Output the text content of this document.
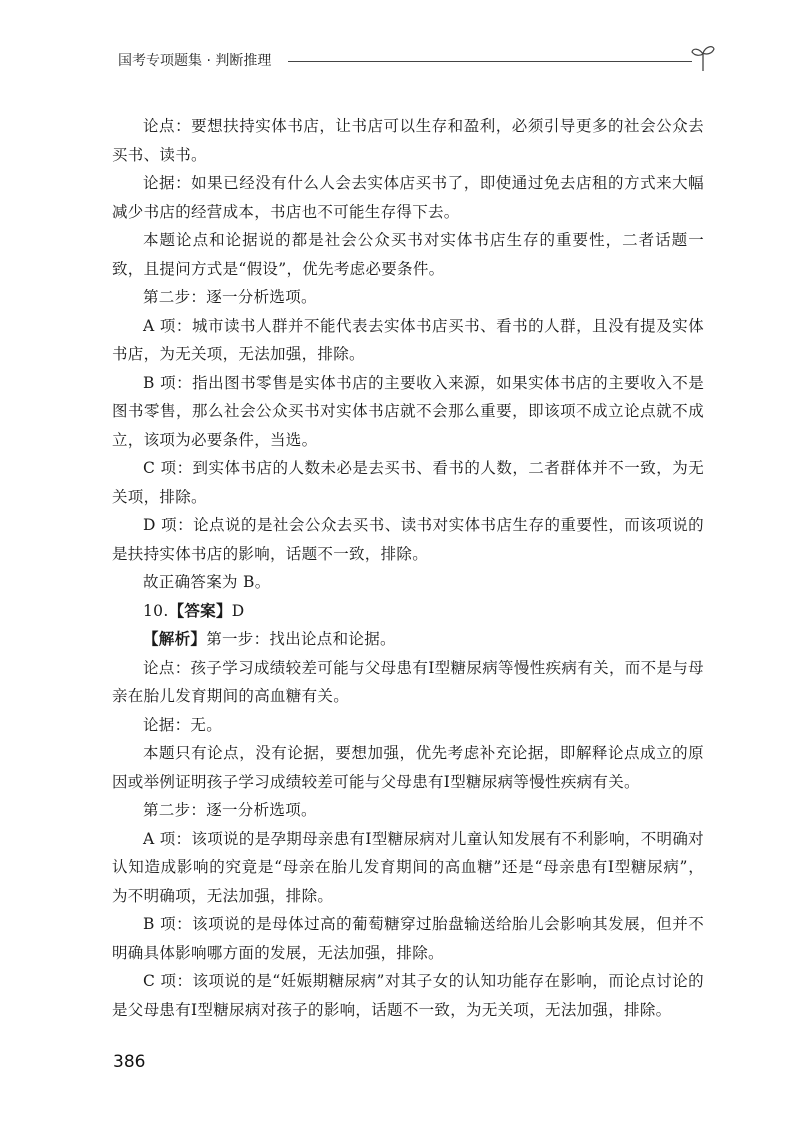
国考专项题集 · 判断推理

论点：要想扶持实体书店，让书店可以生存和盈利，必须引导更多的社会公众去买书、读书。

论据：如果已经没有什么人会去实体店买书了，即使通过免去店租的方式来大幅减少书店的经营成本，书店也不可能生存得下去。

本题论点和论据说的都是社会公众买书对实体书店生存的重要性，二者话题一致，且提问方式是“假设”，优先考虑必要条件。

第二步：逐一分析选项。

A 项：城市读书人群并不能代表去实体书店买书、看书的人群，且没有提及实体书店，为无关项，无法加强，排除。

B 项：指出图书零售是实体书店的主要收入来源，如果实体书店的主要收入不是图书零售，那么社会公众买书对实体书店就不会那么重要，即该项不成立论点就不成立，该项为必要条件，当选。

C 项：到实体书店的人数未必是去买书、看书的人数，二者群体并不一致，为无关项，排除。

D 项：论点说的是社会公众去买书、读书对实体书店生存的重要性，而该项说的是扶持实体书店的影响，话题不一致，排除。

故正确答案为 B。

10.【答案】D

【解析】第一步：找出论点和论据。

论点：孩子学习成绩较差可能与父母患有Ⅰ型糖尿病等慢性疾病有关，而不是与母亲在胎儿发育期间的高血糖有关。

论据：无。

本题只有论点，没有论据，要想加强，优先考虑补充论据，即解释论点成立的原因或举例证明孩子学习成绩较差可能与父母患有Ⅰ型糖尿病等慢性疾病有关。

第二步：逐一分析选项。

A 项：该项说的是孕期母亲患有Ⅰ型糖尿病对儿童认知发展有不利影响，不明确对认知造成影响的究竟是“母亲在胎儿发育期间的高血糖”还是“母亲患有Ⅰ型糖尿病”，为不明确项，无法加强，排除。

B 项：该项说的是母体过高的葡萄糖穿过胎盘输送给胎儿会影响其发展，但并不明确具体影响哪方面的发展，无法加强，排除。

C 项：该项说的是“妊娠期糖尿病”对其子女的认知功能存在影响，而论点讨论的是父母患有Ⅰ型糖尿病对孩子的影响，话题不一致，为无关项，无法加强，排除。

386
